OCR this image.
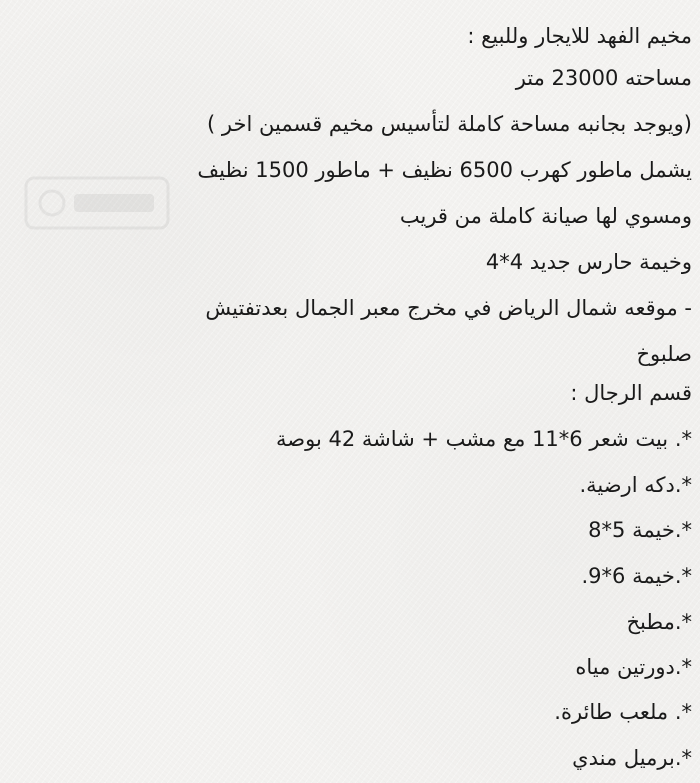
مخيم الفهد للايجار وللبيع :
مساحته 23000 متر
(ويوجد بجانبه مساحة كاملة لتأسيس مخيم قسمين اخر )
يشمل ماطور كهرب 6500 نظيف + ماطور 1500 نظيف
ومسوي لها صيانة كاملة من قريب
وخيمة حارس جديد 4*4
- موقعه شمال الرياض في مخرج معبر الجمال بعدتفتيش
صلبوخ
قسم الرجال :
*. بيت شعر 6*11 مع مشب + شاشة 42 بوصة
*.دكه ارضية.
*.خيمة 5*8
*.خيمة 6*9.
*.مطبخ
*.دورتين مياه
*. ملعب طائرة.
*.برميل مندي
